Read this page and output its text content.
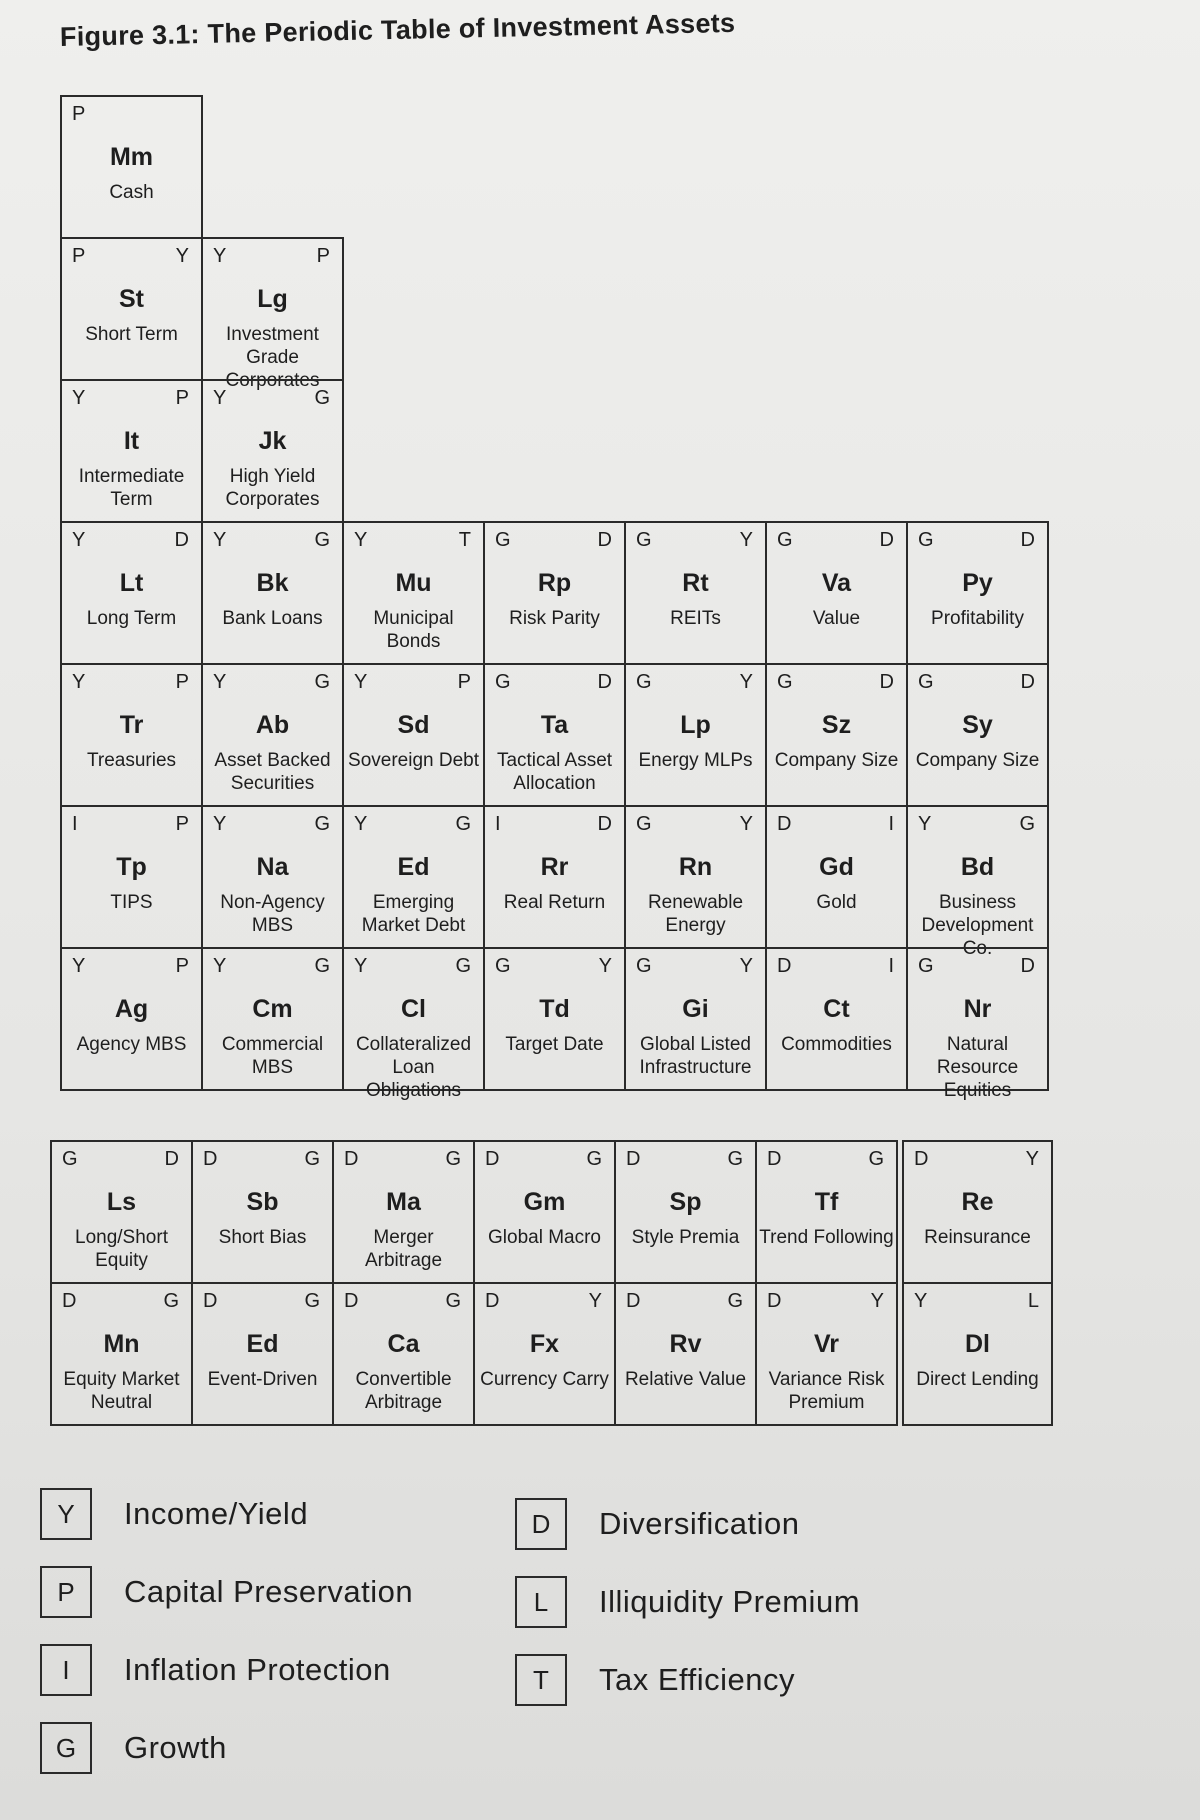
Figure 3.1: The Periodic Table of Investment Assets
P
Mm
Cash
P	Y
St
Short Term
Y	P
Lg
Investment Grade Corporates
Y	P
It
Intermediate Term
Y	G
Jk
High Yield Corporates
Y	D
Lt
Long Term
Y	G
Bk
Bank Loans
Y	T
Mu
Municipal Bonds
G	D
Rp
Risk Parity
G	Y
Rt
REITs
G	D
Va
Value
G	D
Py
Profitability
Y	P
Tr
Treasuries
Y	G
Ab
Asset Backed Securities
Y	P
Sd
Sovereign Debt
G	D
Ta
Tactical Asset Allocation
G	Y
Lp
Energy MLPs
G	D
Sz
Company Size
G	D
Sy
Company Size
I	P
Tp
TIPS
Y	G
Na
Non-Agency MBS
Y	G
Ed
Emerging Market Debt
I	D
Rr
Real Return
G	Y
Rn
Renewable Energy
D	I
Gd
Gold
Y	G
Bd
Business Development Co.
Y	P
Ag
Agency MBS
Y	G
Cm
Commercial MBS
Y	G
Cl
Collateralized Loan Obligations
G	Y
Td
Target Date
G	Y
Gi
Global Listed Infrastructure
D	I
Ct
Commodities
G	D
Nr
Natural Resource Equities
G	D
Ls
Long/Short Equity
D	G
Sb
Short Bias
D	G
Ma
Merger Arbitrage
D	G
Gm
Global Macro
D	G
Sp
Style Premia
D	G
Tf
Trend Following
D	Y
Re
Reinsurance
D	G
Mn
Equity Market Neutral
D	G
Ed
Event-Driven
D	G
Ca
Convertible Arbitrage
D	Y
Fx
Currency Carry
D	G
Rv
Relative Value
D	Y
Vr
Variance Risk Premium
Y	L
Dl
Direct Lending
Y	Income/Yield
P	Capital Preservation
I	Inflation Protection
G	Growth
D	Diversification
L	Illiquidity Premium
T	Tax Efficiency
